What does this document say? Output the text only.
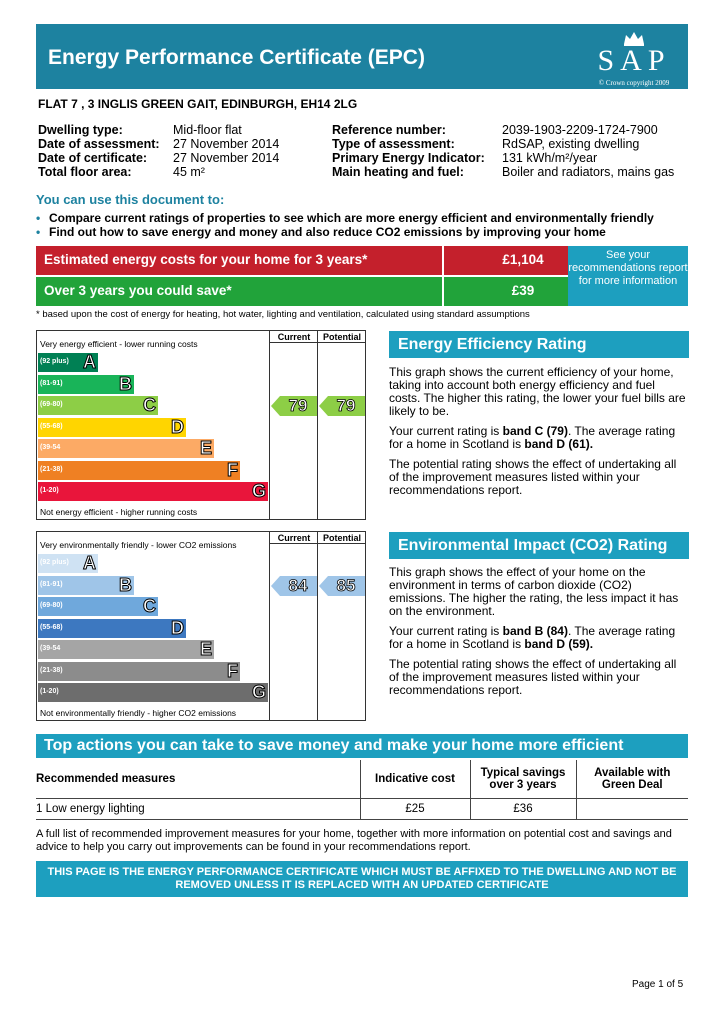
Energy Performance Certificate (EPC)	SAP
© Crown copyright 2009
FLAT 7 , 3 INGLIS GREEN GAIT, EDINBURGH, EH14 2LG
Dwelling type:	Mid-floor flat
Date of assessment:	27 November 2014
Date of certificate:	27 November 2014
Total floor area:	45 m²
Reference number:	2039-1903-2209-1724-7900
Type of assessment:	RdSAP, existing dwelling
Primary Energy Indicator:	131 kWh/m²/year
Main heating and fuel:	Boiler and radiators, mains gas
You can use this document to:
• Compare current ratings of properties to see which are more energy efficient and environmentally friendly
• Find out how to save energy and money and also reduce CO2 emissions by improving your home
Estimated energy costs for your home for 3 years*	£1,104
Over 3 years you could save*	£39
See your recommendations report for more information
* based upon the cost of energy for heating, hot water, lighting and ventilation, calculated using standard assumptions
Very energy efficient - lower running costs
Not energy efficient - higher running costs
Current	Potential
(92 plus) A
(81-91)	B
(69-80)	C
(55-68)	D
(39-54	E
(21-38)	F
(1-20)	G
79	79
Very environmentally friendly - lower CO2 emissions
Not environmentally friendly - higher CO2 emissions
Current	Potential
(92 plus) A
(81-91)	B
(69-80)	C
(55-68)	D
(39-54	E
(21-38)	F
(1-20)	G
84	85
Energy Efficiency Rating

This graph shows the current efficiency of your home, taking into account both energy efficiency and fuel costs. The higher this rating, the lower your fuel bills are likely to be.

Your current rating is band C (79). The average rating for a home in Scotland is band D (61).

The potential rating shows the effect of undertaking all of the improvement measures listed within your recommendations report.

Environmental Impact (CO2) Rating

This graph shows the effect of your home on the environment in terms of carbon dioxide (CO2) emissions. The higher the rating, the less impact it has on the environment.

Your current rating is band B (84). The average rating for a home in Scotland is band D (59).

The potential rating shows the effect of undertaking all of the improvement measures listed within your recommendations report.

Top actions you can take to save money and make your home more efficient
Recommended measures	Indicative cost	Typical savings over 3 years	Available with Green Deal
1 Low energy lighting	£25	£36	
A full list of recommended improvement measures for your home, together with more information on potential cost and savings and advice to help you carry out improvements can be found in your recommendations report.
THIS PAGE IS THE ENERGY PERFORMANCE CERTIFICATE WHICH MUST BE AFFIXED TO THE DWELLING AND NOT BE REMOVED UNLESS IT IS REPLACED WITH AN UPDATED CERTIFICATE
Page 1 of 5
